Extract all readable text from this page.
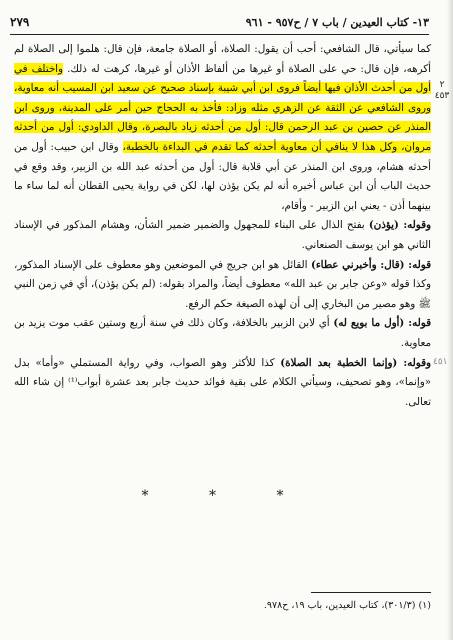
١٣- كتاب العيدين / باب ٧ / ح٩٥٧ - ٩٦١
٢٧٩
٢ ٤٥٣
٤٥١

كما سيأتي، قال الشافعي: أحب أن يقول: الصلاة، أو الصلاة جامعة، فإن قال: هلموا إلى الصلاة لم أكرهه، فإن قال: حي على الصلاة أو غيرها من ألفاظ الأذان أو غيرها، كرهت له ذلك. واختلف في أول من أحدث الأذان فيها أيضاً فروى ابن أبي شيبة بإسناد صحيح عن سعيد ابن المسيب أنه معاوية، وروى الشافعي عن الثقة عن الزهري مثله وزاد: فأخذ به الحجاج حين أمر على المدينة، وروى ابن المنذر عن حصين بن عبد الرحمن قال: أول من أحدثه زياد بالبصرة، وقال الداودي: أول من أحدثه مروان، وكل هذا لا ينافي أن معاوية أحدثه كما تقدم في البداءة بالخطبة، وقال ابن حبيب: أول من أحدثه هشام، وروى ابن المنذر عن أبي قلابة قال: أول من أحدثه عبد الله بن الزبير، وقد وقع في حديث الباب أن ابن عباس أخبره أنه لم يكن يؤذن لها، لكن في رواية يحيى القطان أنه لما ساء ما بينهما أذن - يعني ابن الزبير - وأقام،

وقوله: (يؤذن) بفتح الذال على البناء للمجهول والضمير ضمير الشأن، وهشام المذكور في الإسناد الثاني هو ابن يوسف الصنعاني.

قوله: (قال: وأخبرني عطاء) القائل هو ابن جريج في الموضعين وهو معطوف على الإسناد المذكور، وكذا قوله «وعن جابر بن عبد الله» معطوف أيضاً، والمراد بقوله: (لم يكن يؤذن)، أي في زمن النبي ﷺ وهو مصير من البخاري إلى أن لهذه الصيغة حكم الرفع.

قوله: (أول ما بويع له) أي لابن الزبير بالخلافة، وكان ذلك في سنة أربع وستين عقب موت يزيد بن معاوية.

وقوله: (وإنما الخطبة بعد الصلاة) كذا للأكثر وهو الصواب، وفي رواية المستملي «وأما» بدل «وإنما»، وهو تصحيف، وسيأتي الكلام على بقية فوائد حديث جابر بعد عشرة أبواب⁽¹⁾ إن شاء الله تعالى.

* * *
(١) (٣٠١/٣)، كتاب العيدين، باب ١٩، ح٩٧٨.
